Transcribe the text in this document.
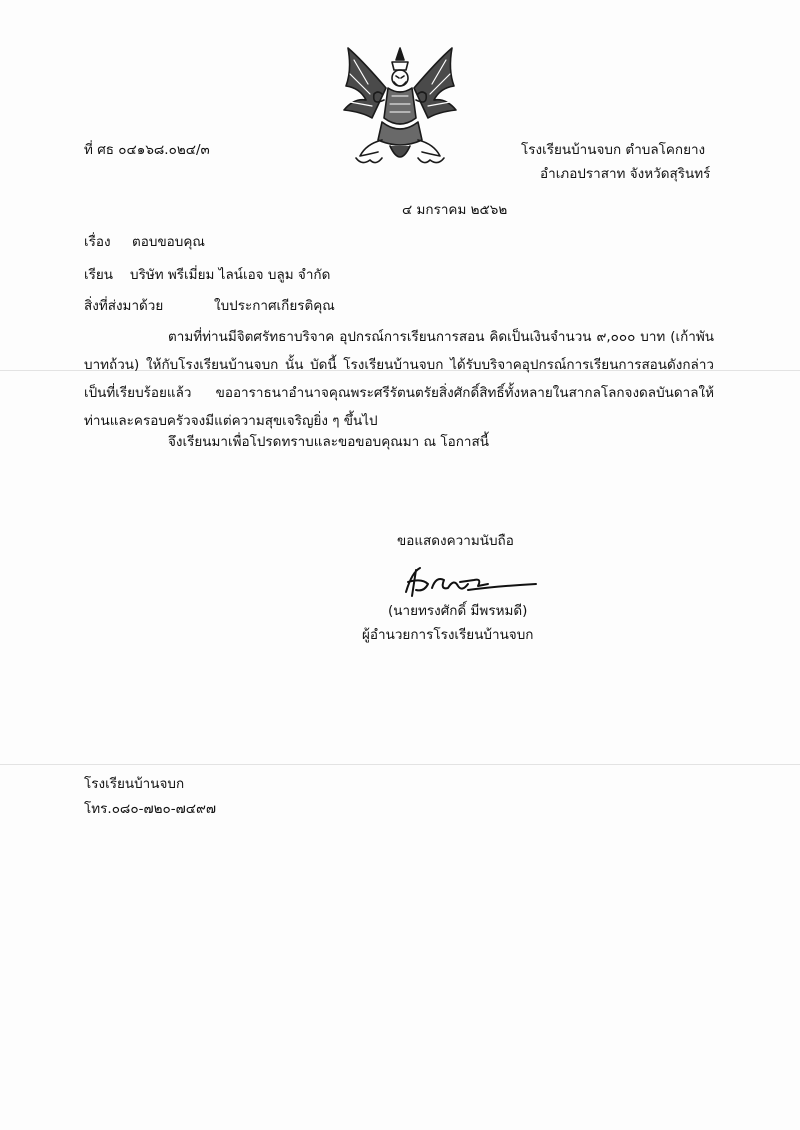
ที่ ศธ ๐๔๑๖๘.๐๒๔/๓	โรงเรียนบ้านจบก ตำบลโคกยาง
อำเภอปราสาท จังหวัดสุรินทร์
๔ มกราคม ๒๕๖๒
เรื่อง ตอบขอบคุณ
เรียน บริษัท พรีเมี่ยม ไลน์เอจ บลูม จำกัด
สิ่งที่ส่งมาด้วย	ใบประกาศเกียรติคุณ
ตามที่ท่านมีจิตศรัทธาบริจาค อุปกรณ์การเรียนการสอน คิดเป็นเงินจำนวน ๙,๐๐๐ บาท (เก้าพันบาทถ้วน) ให้กับโรงเรียนบ้านจบก นั้น บัดนี้ โรงเรียนบ้านจบก ได้รับบริจาคอุปกรณ์การเรียนการสอนดังกล่าวเป็นที่เรียบร้อยแล้ว ขออาราธนาอำนาจคุณพระศรีรัตนตรัยสิ่งศักดิ์สิทธิ์ทั้งหลายในสากลโลกจงดลบันดาลให้ท่านและครอบครัวจงมีแต่ความสุขเจริญยิ่ง ๆ ขึ้นไป
จึงเรียนมาเพื่อโปรดทราบและขอขอบคุณมา ณ โอกาสนี้
ขอแสดงความนับถือ
(นายทรงศักดิ์ มีพรหมดี)
ผู้อำนวยการโรงเรียนบ้านจบก
โรงเรียนบ้านจบก
โทร.๐๘๐-๗๒๐-๗๔๙๗
